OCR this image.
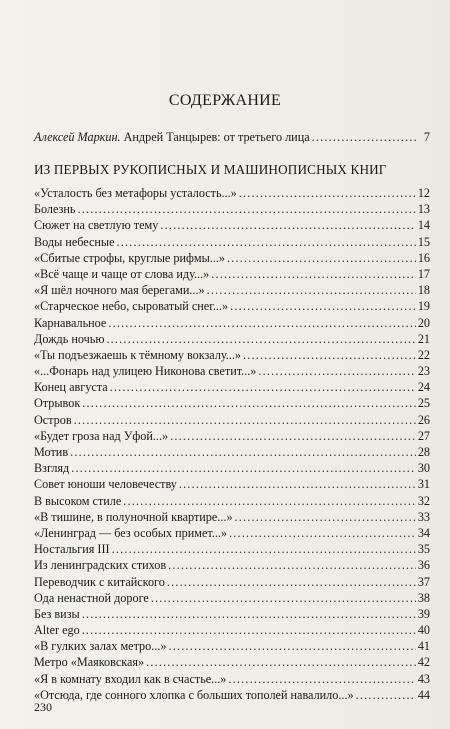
СОДЕРЖАНИЕ
Алексей Маркин. Андрей Танцырев: от третьего лица .....	7
ИЗ ПЕРВЫХ РУКОПИСНЫХ И МАШИНОПИСНЫХ КНИГ
«Усталость без метафоры усталость...» .....	12
Болезнь .....	13
Сюжет на светлую тему .....	14
Воды небесные .....	15
«Сбитые строфы, круглые рифмы...» .....	16
«Всё чаще и чаще от слова иду...» .....	17
«Я шёл ночного мая берегами...» .....	18
«Старческое небо, сыроватый снег...» .....	19
Карнавальное .....	20
Дождь ночью .....	21
«Ты подъезжаешь к тёмному вокзалу...» .....	22
«...Фонарь над улицею Никонова светит...» .....	23
Конец августа .....	24
Отрывок .....	25
Остров .....	26
«Будет гроза над Уфой...» .....	27
Мотив .....	28
Взгляд .....	30
Совет юноши человечеству .....	31
В высоком стиле .....	32
«В тишине, в полуночной квартире...» .....	33
«Ленинград — без особых примет...» .....	34
Ностальгия III .....	35
Из ленинградских стихов .....	36
Переводчик с китайского .....	37
Ода ненастной дороге .....	38
Без визы .....	39
Alter ego .....	40
«В гулких залах метро...» .....	41
Метро «Маяковская» .....	42
«Я в комнату входил как в счастье...» .....	43
«Отсюда, где сонного хлопка с больших тополей навалило...» .....	44
230
